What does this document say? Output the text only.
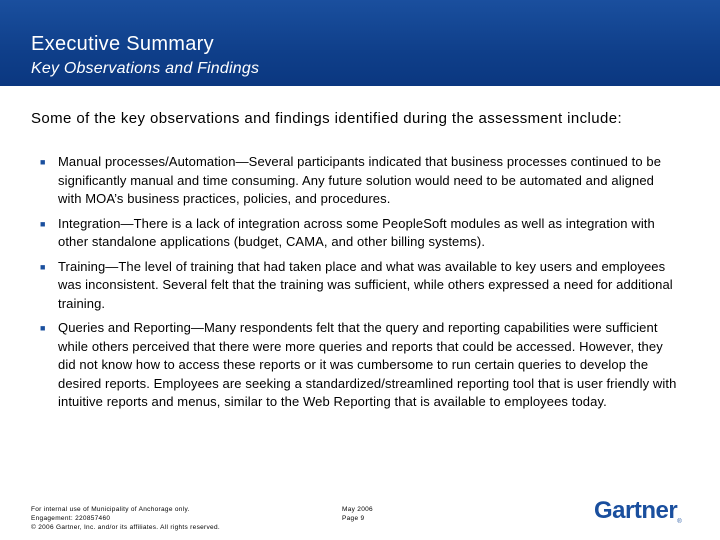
Executive Summary
Key Observations and Findings
Some of the key observations and findings identified during the assessment include:
■ Manual processes/Automation—Several participants indicated that business processes continued to be significantly manual and time consuming. Any future solution would need to be automated and aligned with MOA’s business practices, policies, and procedures.
■ Integration—There is a lack of integration across some PeopleSoft modules as well as integration with other standalone applications (budget, CAMA, and other billing systems).
■ Training—The level of training that had taken place and what was available to key users and employees was inconsistent. Several felt that the training was sufficient, while others expressed a need for additional training.
■ Queries and Reporting—Many respondents felt that the query and reporting capabilities were sufficient while others perceived that there were more queries and reports that could be accessed. However, they did not know how to access these reports or it was cumbersome to run certain queries to develop the desired reports. Employees are seeking a standardized/streamlined reporting tool that is user friendly with intuitive reports and menus, similar to the Web Reporting that is available to employees today.
For internal use of Municipality of Anchorage only.
Engagement: 220857460
© 2006 Gartner, Inc. and/or its affiliates. All rights reserved.
May 2006
Page 9	Gartner®
